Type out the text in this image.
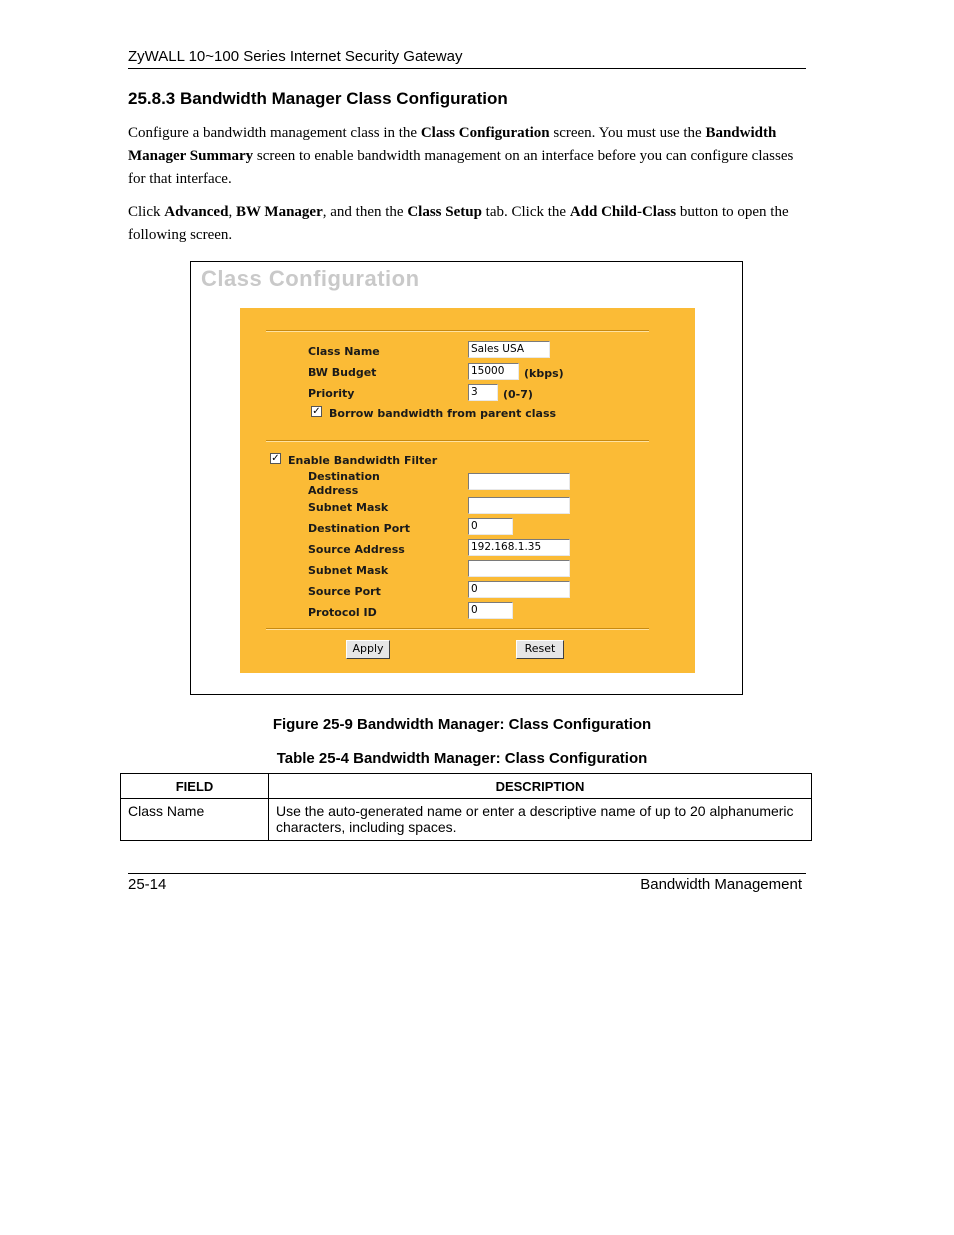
ZyWALL 10~100 Series Internet Security Gateway
25.8.3 Bandwidth Manager Class Configuration
Configure a bandwidth management class in the Class Configuration screen. You must use the Bandwidth Manager Summary screen to enable bandwidth management on an interface before you can configure classes for that interface.
Click Advanced, BW Manager, and then the Class Setup tab. Click the Add Child-Class button to open the following screen.
Class Configuration
Class Name	Sales USA
BW Budget	15000	(kbps)
Priority	3	(0-7)
✓ Borrow bandwidth from parent class
✓ Enable Bandwidth Filter
Destination
Address
Subnet Mask
Destination Port	0
Source Address	192.168.1.35
Subnet Mask
Source Port	0
Protocol ID	0
Apply	Reset
Figure 25-9 Bandwidth Manager: Class Configuration
Table 25-4 Bandwidth Manager: Class Configuration
FIELD	DESCRIPTION
Class Name	Use the auto-generated name or enter a descriptive name of up to 20 alphanumeric characters, including spaces.
25-14	Bandwidth Management
